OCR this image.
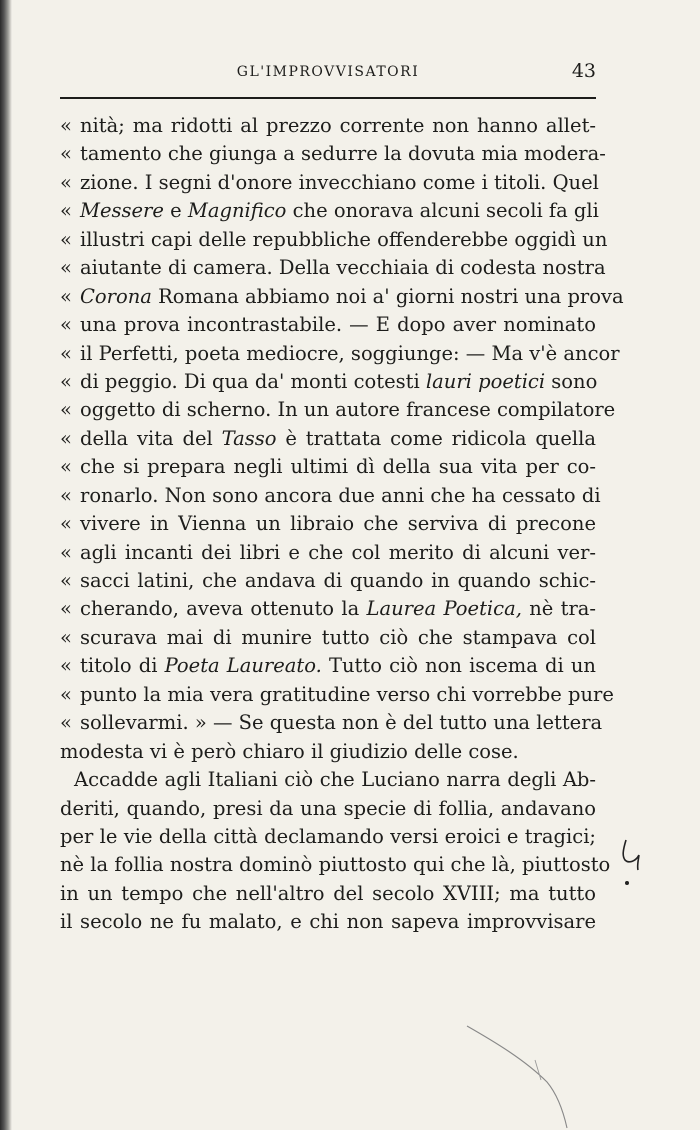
GL'IMPROVVISATORI	43
« nità; ma ridotti al prezzo corrente non hanno allet-
« tamento che giunga a sedurre la dovuta mia modera-
« zione. I segni d'onore invecchiano come i titoli. Quel
« Messere e Magnifico che onorava alcuni secoli fa gli
« illustri capi delle repubbliche offenderebbe oggidì un
« aiutante di camera. Della vecchiaia di codesta nostra
« Corona Romana abbiamo noi a' giorni nostri una prova
« una prova incontrastabile. — E dopo aver nominato
« il Perfetti, poeta mediocre, soggiunge: — Ma v'è ancor
« di peggio. Di qua da' monti cotesti lauri poetici sono
« oggetto di scherno. In un autore francese compilatore
« della vita del Tasso è trattata come ridicola quella
« che si prepara negli ultimi dì della sua vita per co-
« ronarlo. Non sono ancora due anni che ha cessato di
« vivere in Vienna un libraio che serviva di precone
« agli incanti dei libri e che col merito di alcuni ver-
« sacci latini, che andava di quando in quando schic-
« cherando, aveva ottenuto la Laurea Poetica, nè tra-
« scurava mai di munire tutto ciò che stampava col
« titolo di Poeta Laureato. Tutto ciò non iscema di un
« punto la mia vera gratitudine verso chi vorrebbe pure
« sollevarmi. » — Se questa non è del tutto una lettera
modesta vi è però chiaro il giudizio delle cose.
Accadde agli Italiani ciò che Luciano narra degli Ab-
deriti, quando, presi da una specie di follia, andavano
per le vie della città declamando versi eroici e tragici;
nè la follia nostra dominò piuttosto qui che là, piuttosto
in un tempo che nell'altro del secolo XVIII; ma tutto
il secolo ne fu malato, e chi non sapeva improvvisare
